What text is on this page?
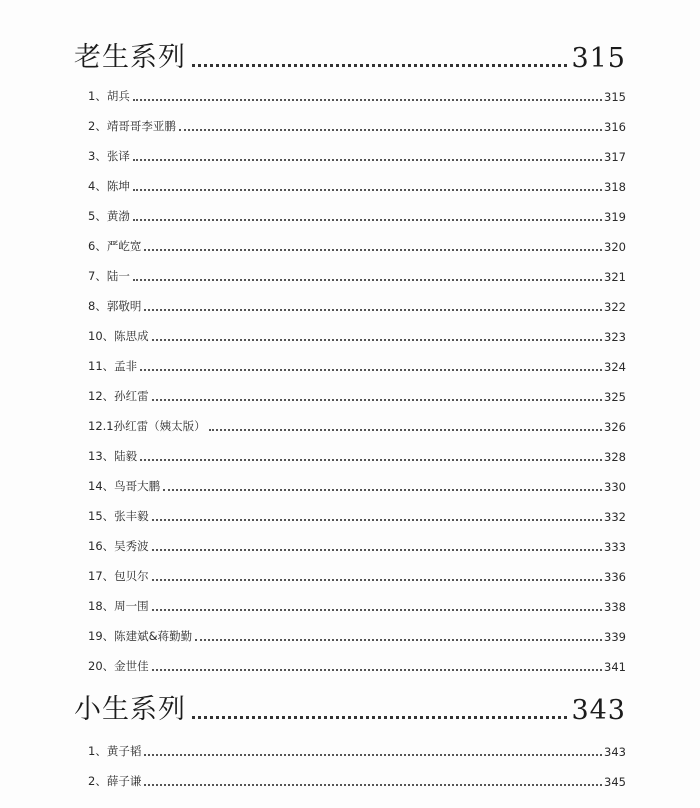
老生系列	315
1、胡兵	315
2、靖哥哥李亚鹏	316
3、张译	317
4、陈坤	318
5、黄渤	319
6、严屹宽	320
7、陆一	321
8、郭敬明	322
10、陈思成	323
11、孟非	324
12、孙红雷	325
12.1孙红雷（姨太版）	326
13、陆毅	328
14、鸟哥大鹏	330
15、张丰毅	332
16、吴秀波	333
17、包贝尔	336
18、周一围	338
19、陈建斌&蒋勤勤	339
20、金世佳	341
小生系列	343
1、黄子韬	343
2、薛子谦	345
